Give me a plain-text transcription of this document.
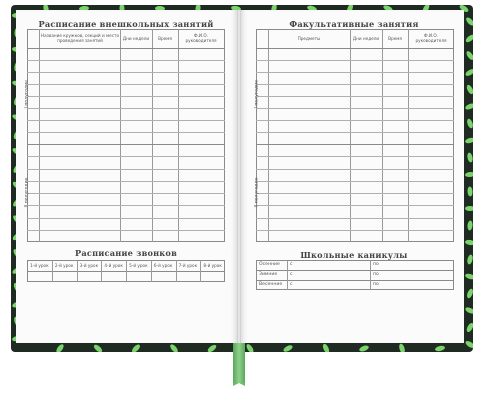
Расписание внешкольных занятий
Название кружков, секций и место проведения занятий	Дни недели	Время	Ф.И.О. руководителя
I полугодие
II полугодие
Расписание звонков
1-й урок	2-й урок	3-й урок	4-й урок	5-й урок	6-й урок	7-й урок	8-й урок
Факультативные занятия
Предметы	Дни недели	Время	Ф.И.О. руководителя
I полугодие
II полугодие
Школьные каникулы
Осенние с	по
Зимние	с	по
Весенние с	по
